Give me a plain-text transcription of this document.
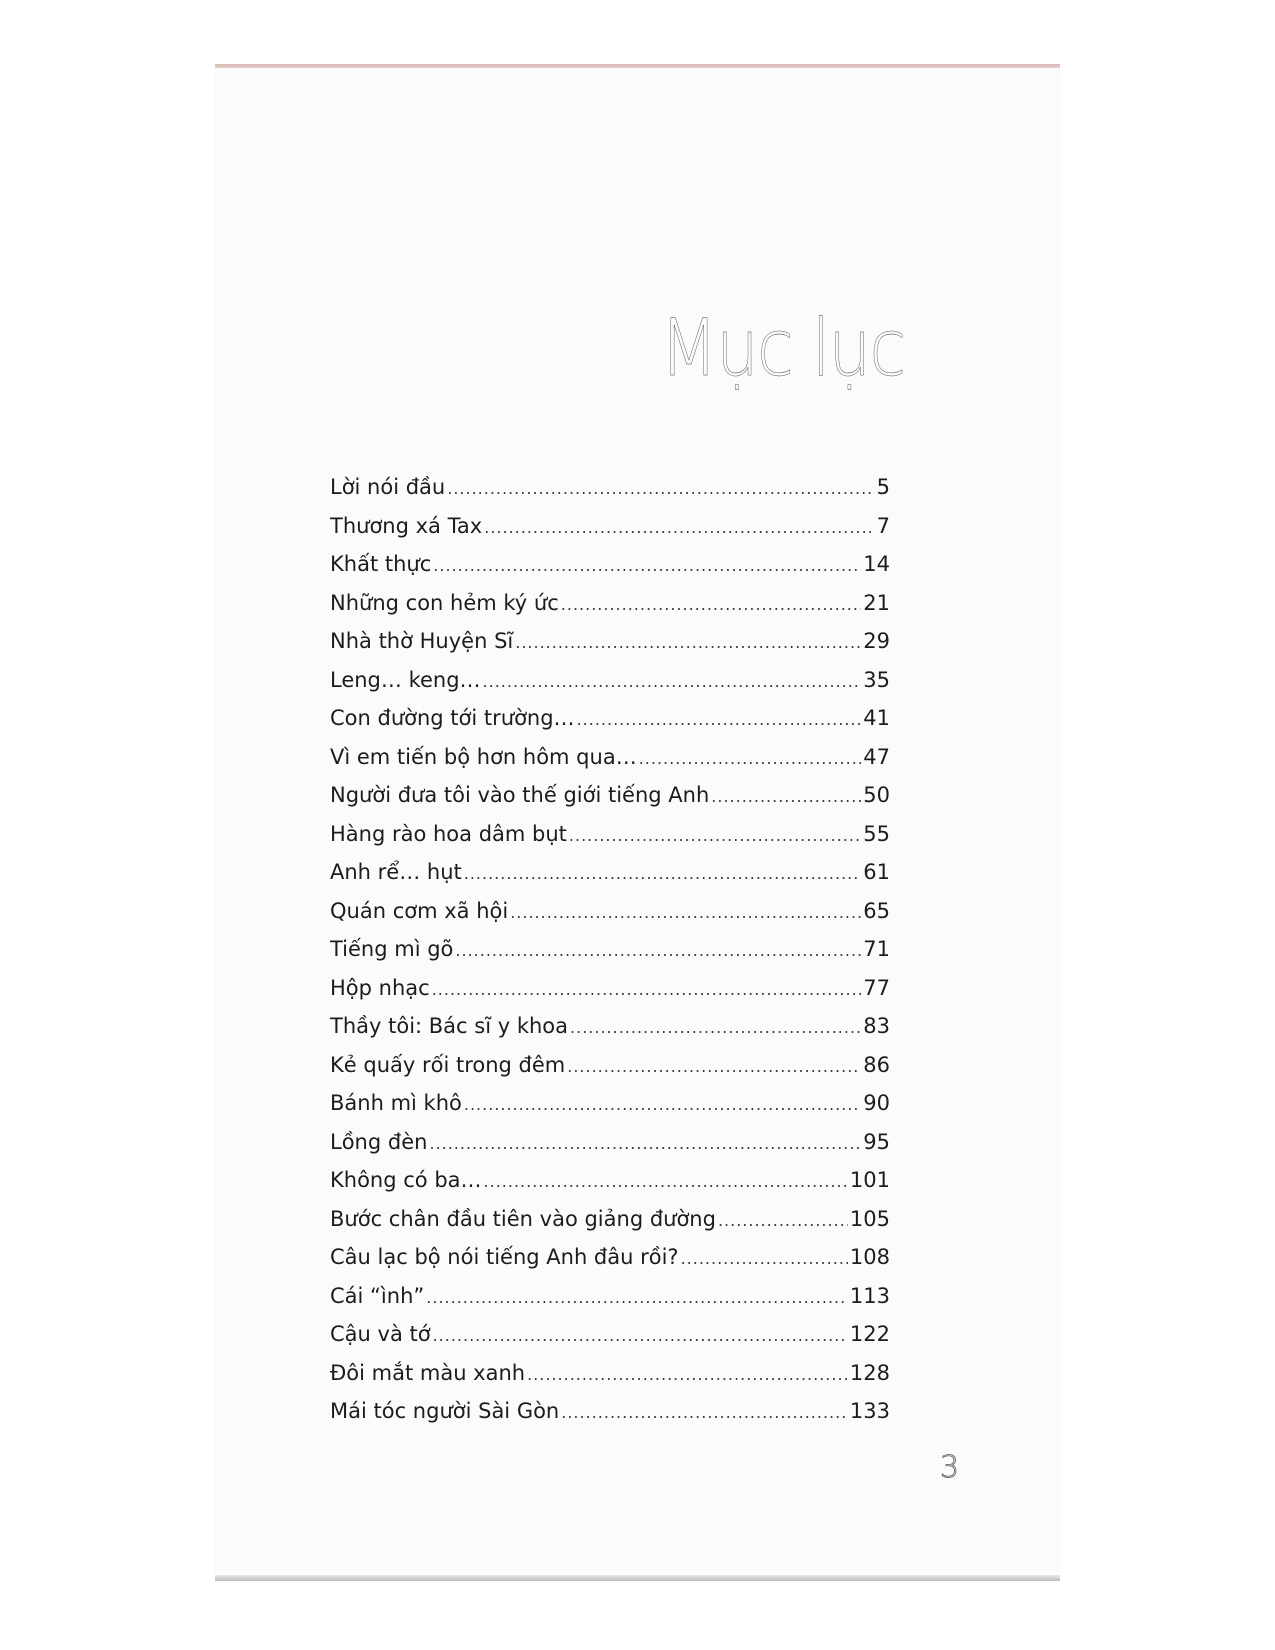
Mục lục
Lời nói đầu .....	5
Thương xá Tax .....	7
Khất thực .....	14
Những con hẻm ký ức .....	21
Nhà thờ Huyện Sĩ .....	29
Leng… keng… .....	35
Con đường tới trường… .....	41
Vì em tiến bộ hơn hôm qua… .....	47
Người đưa tôi vào thế giới tiếng Anh .....	50
Hàng rào hoa dâm bụt .....	55
Anh rể… hụt .....	61
Quán cơm xã hội .....	65
Tiếng mì gõ .....	71
Hộp nhạc .....	77
Thầy tôi: Bác sĩ y khoa .....	83
Kẻ quấy rối trong đêm .....	86
Bánh mì khô .....	90
Lồng đèn .....	95
Không có ba… .....	101
Bước chân đầu tiên vào giảng đường .....	105
Câu lạc bộ nói tiếng Anh đâu rồi? .....	108
Cái “ình” .....	113
Cậu và tớ .....	122
Đôi mắt màu xanh .....	128
Mái tóc người Sài Gòn .....	133
3
